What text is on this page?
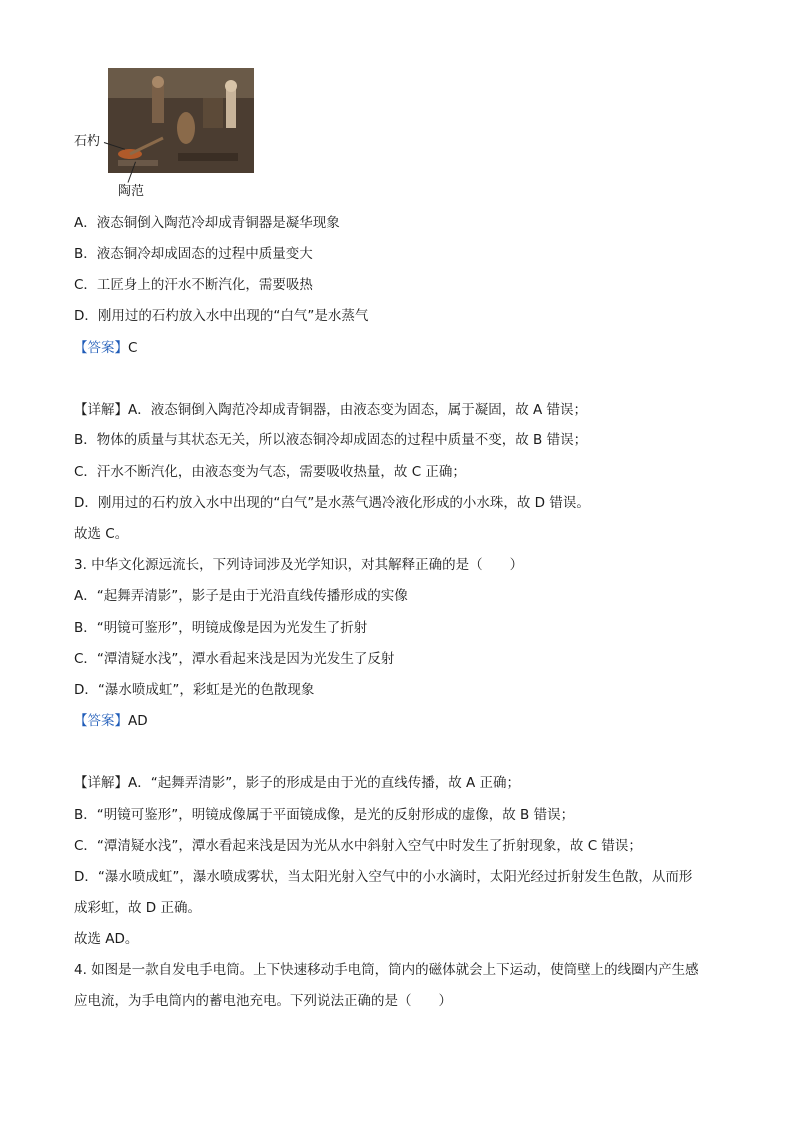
石杓
陶范
A．液态铜倒入陶范冷却成青铜器是凝华现象
B．液态铜冷却成固态的过程中质量变大
C．工匠身上的汗水不断汽化，需要吸热
D．刚用过的石杓放入水中出现的“白气”是水蒸气
【答案】C
【详解】A．液态铜倒入陶范冷却成青铜器，由液态变为固态，属于凝固，故 A 错误；
B．物体的质量与其状态无关，所以液态铜冷却成固态的过程中质量不变，故 B 错误；
C．汗水不断汽化，由液态变为气态，需要吸收热量，故 C 正确；
D．刚用过的石杓放入水中出现的“白气”是水蒸气遇冷液化形成的小水珠，故 D 错误。
故选 C。
3. 中华文化源远流长，下列诗词涉及光学知识，对其解释正确的是（　　）
A．“起舞弄清影”，影子是由于光沿直线传播形成的实像
B．“明镜可鉴形”，明镜成像是因为光发生了折射
C．“潭清疑水浅”，潭水看起来浅是因为光发生了反射
D．“瀑水喷成虹”，彩虹是光的色散现象
【答案】AD
【详解】A．“起舞弄清影”，影子的形成是由于光的直线传播，故 A 正确；
B．“明镜可鉴形”，明镜成像属于平面镜成像，是光的反射形成的虚像，故 B 错误；
C．“潭清疑水浅”，潭水看起来浅是因为光从水中斜射入空气中时发生了折射现象，故 C 错误；
D．“瀑水喷成虹”，瀑水喷成雾状，当太阳光射入空气中的小水滴时，太阳光经过折射发生色散，从而形
成彩虹，故 D 正确。
故选 AD。
4. 如图是一款自发电手电筒。上下快速移动手电筒，筒内的磁体就会上下运动，使筒壁上的线圈内产生感
应电流，为手电筒内的蓄电池充电。下列说法正确的是（　　）
